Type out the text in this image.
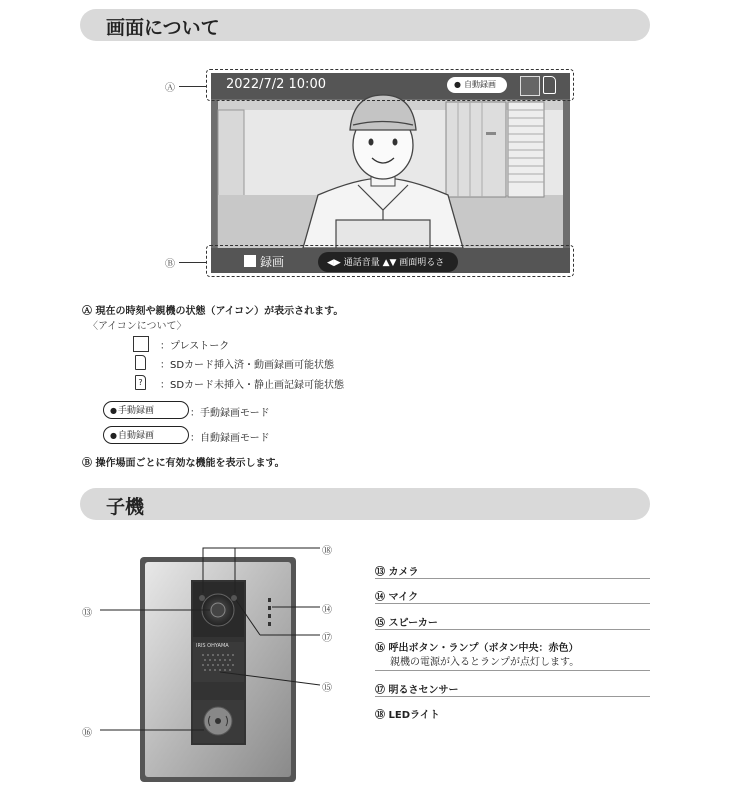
画面について
2022/7/2 10:00	● 自動録画
録画	◀▶ 通話音量 ▲▼ 画面明るさ
Ⓐ
Ⓑ
Ⓐ 現在の時刻や親機の状態（アイコン）が表示されます。
〈アイコンについて〉
：プレストーク
：SDカード挿入済・動画録画可能状態
?	：SDカード未挿入・静止画記録可能状態
● 手動録画	：手動録画モード
● 自動録画	：自動録画モード
Ⓑ 操作場面ごとに有効な機能を表示します。
子機
IRIS OHYAMA
⑬	⑭
⑮
⑯
⑰
⑱
⑬ カメラ
⑭ マイク
⑮ スピーカー
⑯ 呼出ボタン・ランプ（ボタン中央：赤色）
親機の電源が入るとランプが点灯します。
⑰ 明るさセンサー
⑱ LEDライト
